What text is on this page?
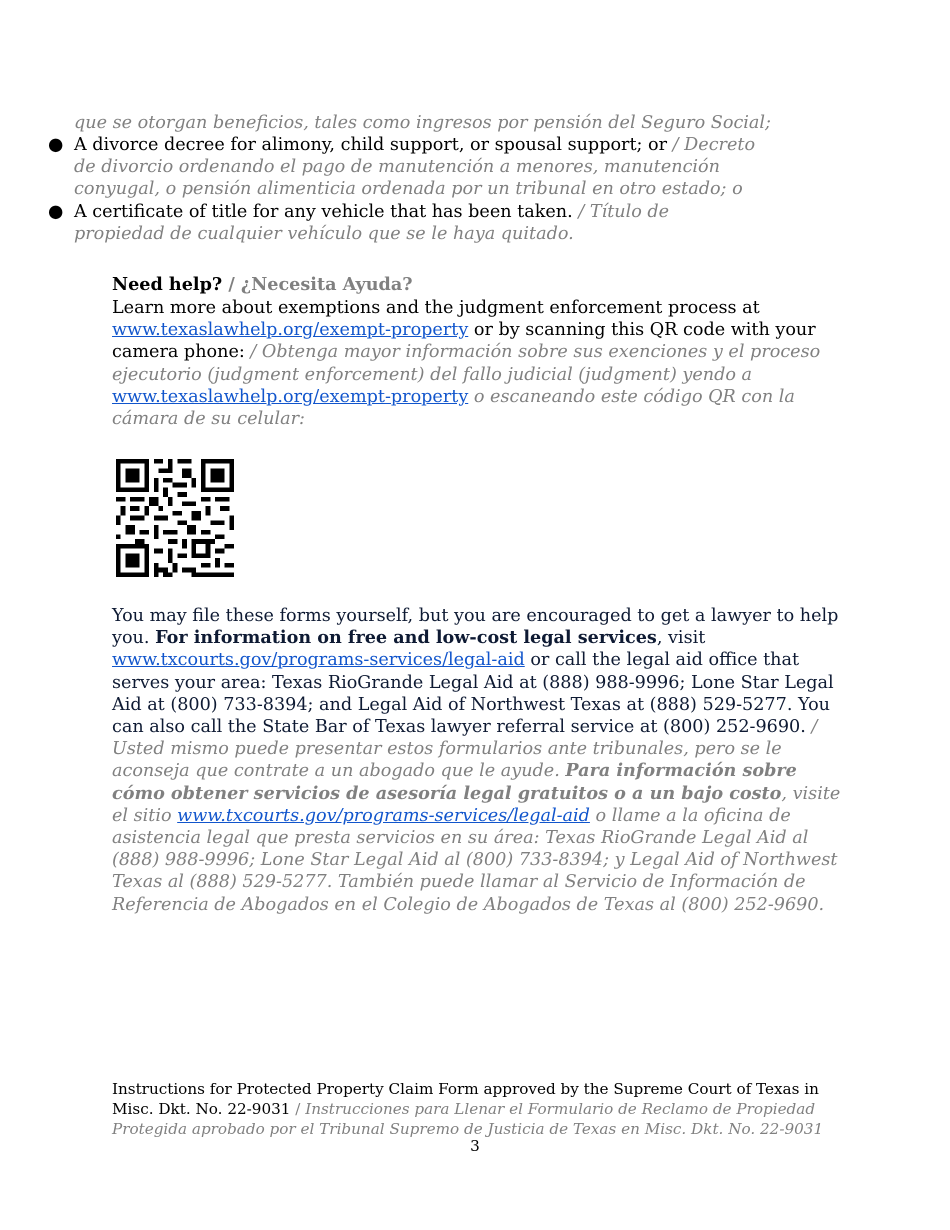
que se otorgan beneficios, tales como ingresos por pensión del Seguro Social;
● A divorce decree for alimony, child support, or spousal support; or / Decreto de divorcio ordenando el pago de manutención a menores, manutención conyugal, o pensión alimenticia ordenada por un tribunal en otro estado; o
● A certificate of title for any vehicle that has been taken. / Título de propiedad de cualquier vehículo que se le haya quitado.
Need help? / ¿Necesita Ayuda?
Learn more about exemptions and the judgment enforcement process at www.texaslawhelp.org/exempt-property or by scanning this QR code with your camera phone: / Obtenga mayor información sobre sus exenciones y el proceso ejecutorio (judgment enforcement) del fallo judicial (judgment) yendo a www.texaslawhelp.org/exempt-property o escaneando este código QR con la cámara de su celular:
You may file these forms yourself, but you are encouraged to get a lawyer to help you. For information on free and low-cost legal services, visit www.txcourts.gov/programs-services/legal-aid or call the legal aid office that serves your area: Texas RioGrande Legal Aid at (888) 988-9996; Lone Star Legal Aid at (800) 733-8394; and Legal Aid of Northwest Texas at (888) 529-5277. You can also call the State Bar of Texas lawyer referral service at (800) 252-9690. / Usted mismo puede presentar estos formularios ante tribunales, pero se le aconseja que contrate a un abogado que le ayude. Para información sobre cómo obtener servicios de asesoría legal gratuitos o a un bajo costo, visite el sitio www.txcourts.gov/programs-services/legal-aid o llame a la oficina de asistencia legal que presta servicios en su área: Texas RioGrande Legal Aid al (888) 988-9996; Lone Star Legal Aid al (800) 733-8394; y Legal Aid of Northwest Texas al (888) 529-5277. También puede llamar al Servicio de Información de Referencia de Abogados en el Colegio de Abogados de Texas al (800) 252-9690.
Instructions for Protected Property Claim Form approved by the Supreme Court of Texas in Misc. Dkt. No. 22-9031 / Instrucciones para Llenar el Formulario de Reclamo de Propiedad Protegida aprobado por el Tribunal Supremo de Justicia de Texas en Misc. Dkt. No. 22-9031
3
